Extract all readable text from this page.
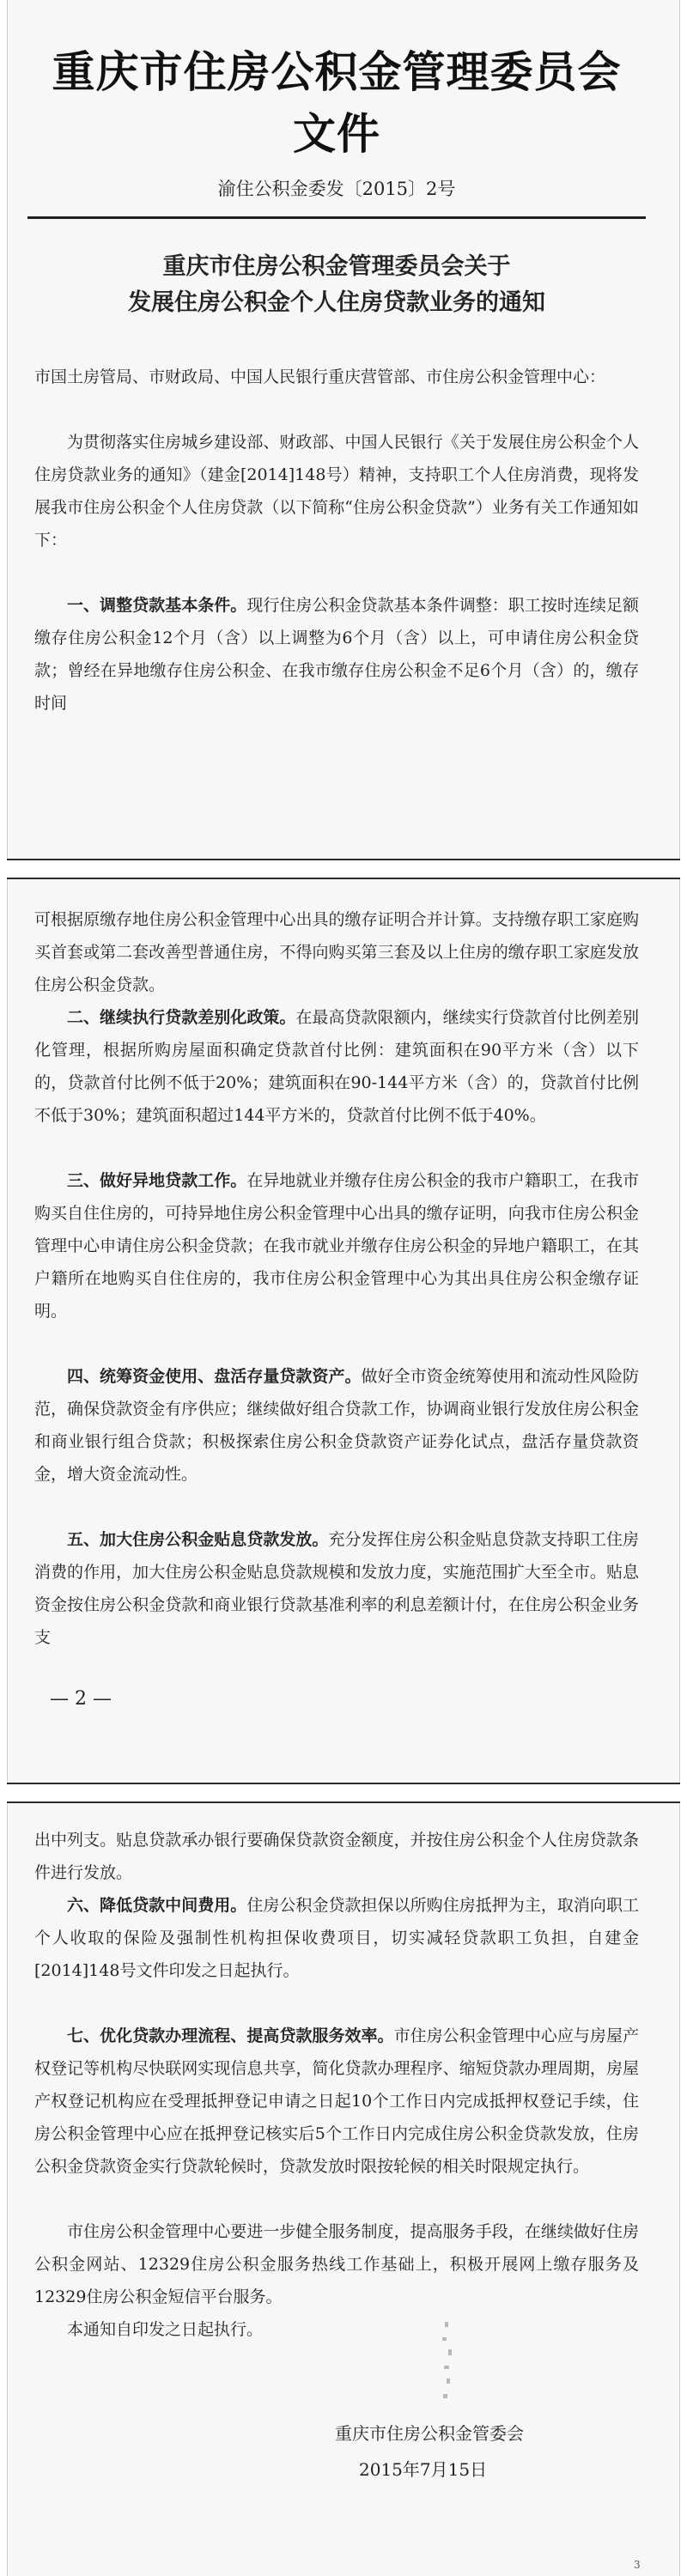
重庆市住房公积金管理委员会文件
渝住公积金委发〔2015〕2号
重庆市住房公积金管理委员会关于
发展住房公积金个人住房贷款业务的通知
市国土房管局、市财政局、中国人民银行重庆营管部、市住房公积金管理中心：
为贯彻落实住房城乡建设部、财政部、中国人民银行《关于发展住房公积金个人住房贷款业务的通知》（建金[2014]148号）精神，支持职工个人住房消费，现将发展我市住房公积金个人住房贷款（以下简称“住房公积金贷款”）业务有关工作通知如下：
一、调整贷款基本条件。现行住房公积金贷款基本条件调整：职工按时连续足额缴存住房公积金12个月（含）以上调整为6个月（含）以上，可申请住房公积金贷款；曾经在异地缴存住房公积金、在我市缴存住房公积金不足6个月（含）的，缴存时间
可根据原缴存地住房公积金管理中心出具的缴存证明合并计算。支持缴存职工家庭购买首套或第二套改善型普通住房，不得向购买第三套及以上住房的缴存职工家庭发放住房公积金贷款。
二、继续执行贷款差别化政策。在最高贷款限额内，继续实行贷款首付比例差别化管理，根据所购房屋面积确定贷款首付比例：建筑面积在90平方米（含）以下的，贷款首付比例不低于20%；建筑面积在90-144平方米（含）的，贷款首付比例不低于30%；建筑面积超过144平方米的，贷款首付比例不低于40%。
三、做好异地贷款工作。在异地就业并缴存住房公积金的我市户籍职工，在我市购买自住住房的，可持异地住房公积金管理中心出具的缴存证明，向我市住房公积金管理中心申请住房公积金贷款；在我市就业并缴存住房公积金的异地户籍职工，在其户籍所在地购买自住住房的，我市住房公积金管理中心为其出具住房公积金缴存证明。
四、统筹资金使用、盘活存量贷款资产。做好全市资金统筹使用和流动性风险防范，确保贷款资金有序供应；继续做好组合贷款工作，协调商业银行发放住房公积金和商业银行组合贷款；积极探索住房公积金贷款资产证券化试点，盘活存量贷款资金，增大资金流动性。
五、加大住房公积金贴息贷款发放。充分发挥住房公积金贴息贷款支持职工住房消费的作用，加大住房公积金贴息贷款规模和发放力度，实施范围扩大至全市。贴息资金按住房公积金贷款和商业银行贷款基准利率的利息差额计付，在住房公积金业务支
— 2 —
出中列支。贴息贷款承办银行要确保贷款资金额度，并按住房公积金个人住房贷款条件进行发放。
六、降低贷款中间费用。住房公积金贷款担保以所购住房抵押为主，取消向职工个人收取的保险及强制性机构担保收费项目，切实减轻贷款职工负担，自建金[2014]148号文件印发之日起执行。
七、优化贷款办理流程、提高贷款服务效率。市住房公积金管理中心应与房屋产权登记等机构尽快联网实现信息共享，简化贷款办理程序、缩短贷款办理周期，房屋产权登记机构应在受理抵押登记申请之日起10个工作日内完成抵押权登记手续，住房公积金管理中心应在抵押登记核实后5个工作日内完成住房公积金贷款发放，住房公积金贷款资金实行贷款轮候时，贷款发放时限按轮候的相关时限规定执行。
市住房公积金管理中心要进一步健全服务制度，提高服务手段，在继续做好住房公积金网站、12329住房公积金服务热线工作基础上，积极开展网上缴存服务及12329住房公积金短信平台服务。
本通知自印发之日起执行。
重庆市住房公积金管委会
2015年7月15日
3
